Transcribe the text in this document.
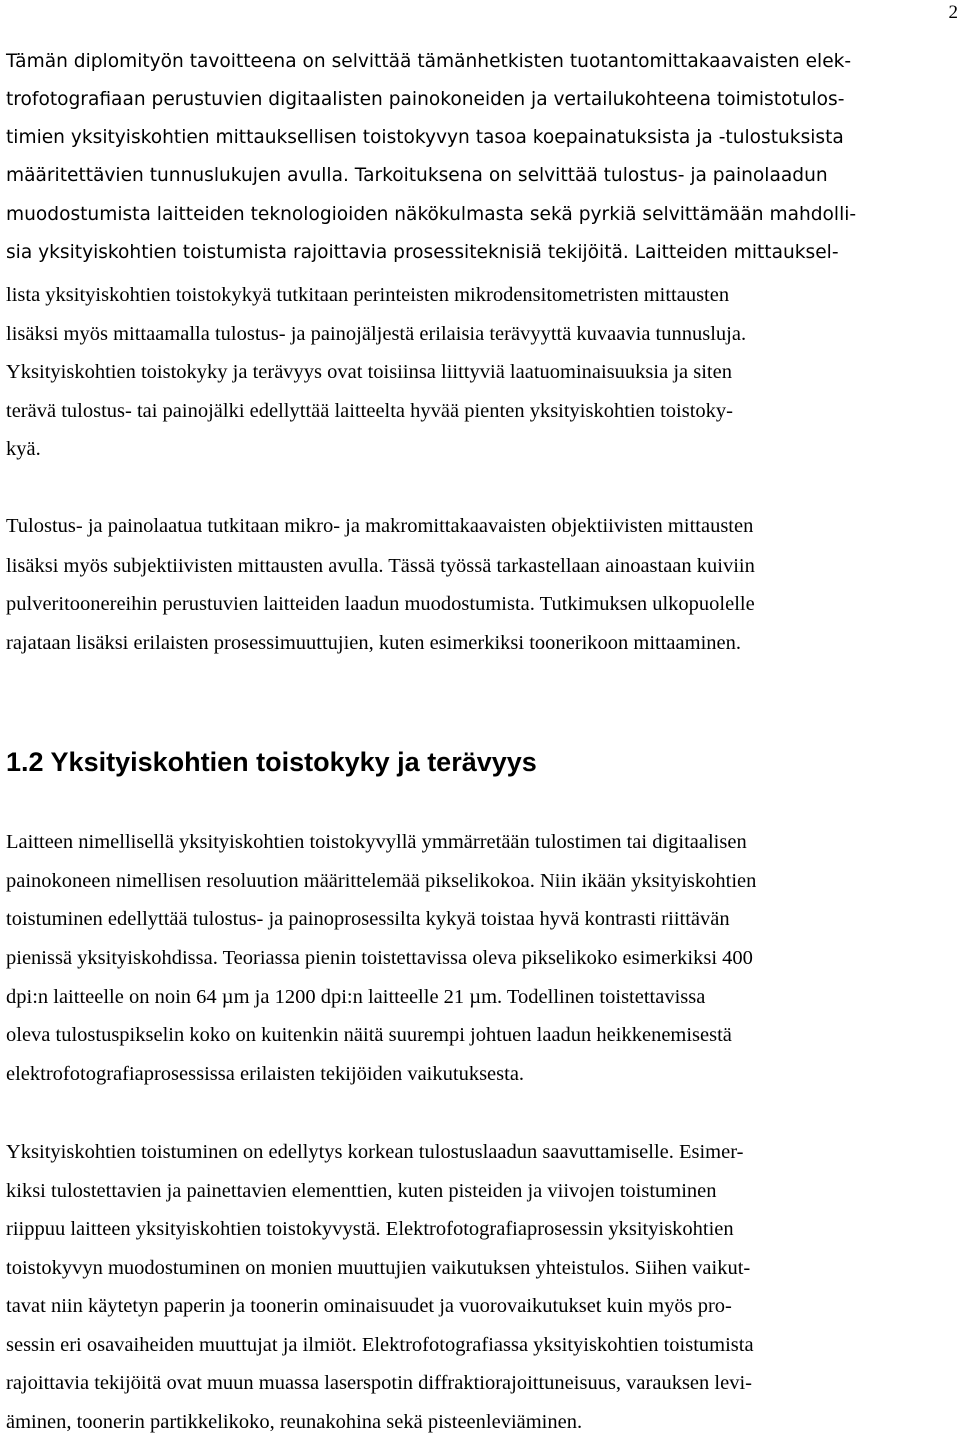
2
Tämän diplomityön tavoitteena on selvittää tämänhetkisten tuotantomittakaavaisten elek-
trofotografiaan perustuvien digitaalisten painokoneiden ja vertailukohteena toimistotulos-
timien yksityiskohtien mittauksellisen toistokyvyn tasoa koepainatuksista ja -tulostuksista
määritettävien tunnuslukujen avulla. Tarkoituksena on selvittää tulostus- ja painolaadun
muodostumista laitteiden teknologioiden näkökulmasta sekä pyrkiä selvittämään mahdolli-
sia yksityiskohtien toistumista rajoittavia prosessiteknisiä tekijöitä. Laitteiden mittauksel-
lista yksityiskohtien toistokykyä tutkitaan perinteisten mikrodensitometristen mittausten
lisäksi myös mittaamalla tulostus- ja painojäljestä erilaisia terävyyttä kuvaavia tunnusluja.
Yksityiskohtien toistokyky ja terävyys ovat toisiinsa liittyviä laatuominaisuuksia ja siten
terävä tulostus- tai painojälki edellyttää laitteelta hyvää pienten yksityiskohtien toistoky-
kyä.
Tulostus- ja painolaatua tutkitaan mikro- ja makromittakaavaisten objektiivisten mittausten
lisäksi myös subjektiivisten mittausten avulla. Tässä työssä tarkastellaan ainoastaan kuiviin
pulveritoonereihin perustuvien laitteiden laadun muodostumista. Tutkimuksen ulkopuolelle
rajataan lisäksi erilaisten prosessimuuttujien, kuten esimerkiksi toonerikoon mittaaminen.
1.2 Yksityiskohtien toistokyky ja terävyys
Laitteen nimellisellä yksityiskohtien toistokyvyllä ymmärretään tulostimen tai digitaalisen
painokoneen nimellisen resoluution määrittelemää pikselikokoa. Niin ikään yksityiskohtien
toistuminen edellyttää tulostus- ja painoprosessilta kykyä toistaa hyvä kontrasti riittävän
pienissä yksityiskohdissa. Teoriassa pienin toistettavissa oleva pikselikoko esimerkiksi 400
dpi:n laitteelle on noin 64 µm ja 1200 dpi:n laitteelle 21 µm. Todellinen toistettavissa
oleva tulostuspikselin koko on kuitenkin näitä suurempi johtuen laadun heikkenemisestä
elektrofotografiaprosessissa erilaisten tekijöiden vaikutuksesta.
Yksityiskohtien toistuminen on edellytys korkean tulostuslaadun saavuttamiselle. Esimer-
kiksi tulostettavien ja painettavien elementtien, kuten pisteiden ja viivojen toistuminen
riippuu laitteen yksityiskohtien toistokyvystä. Elektrofotografiaprosessin yksityiskohtien
toistokyvyn muodostuminen on monien muuttujien vaikutuksen yhteistulos. Siihen vaikut-
tavat niin käytetyn paperin ja toonerin ominaisuudet ja vuorovaikutukset kuin myös pro-
sessin eri osavaiheiden muuttujat ja ilmiöt. Elektrofotografiassa yksityiskohtien toistumista
rajoittavia tekijöitä ovat muun muassa laserspotin diffraktiorajoittuneisuus, varauksen levi-
äminen, toonerin partikkelikoko, reunakohina sekä pisteenleviäminen.
